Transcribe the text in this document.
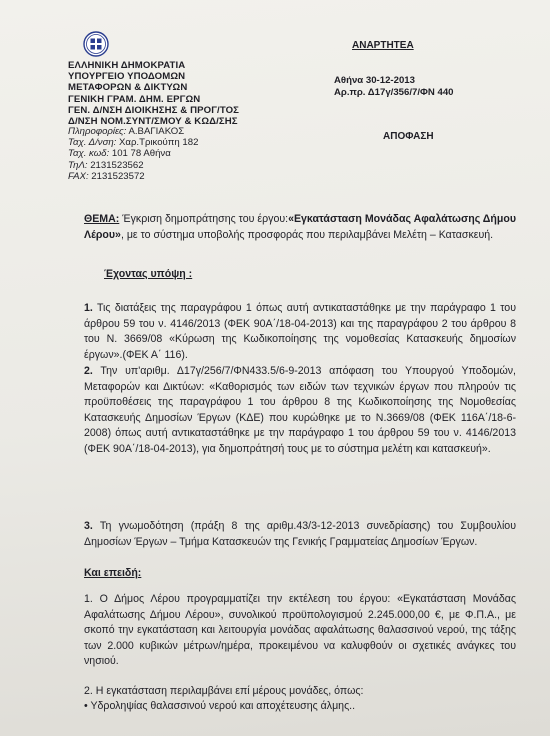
ΕΛΛΗΝΙΚΗ ΔΗΜΟΚΡΑΤΙΑ
ΥΠΟΥΡΓΕΙΟ ΥΠΟΔΟΜΩΝ
ΜΕΤΑΦΟΡΩΝ & ΔΙΚΤΥΩΝ
ΓΕΝΙΚΗ ΓΡΑΜ. ΔΗΜ. ΕΡΓΩΝ
ΓΕΝ. Δ/ΝΣΗ ΔΙΟΙΚΗΣΗΣ & ΠΡΟΓ/ΤΟΣ
Δ/ΝΣΗ ΝΟΜ.ΣΥΝΤ/ΣΜΟΥ & ΚΩΔ/ΣΗΣ
Πληροφορίες: Α.ΒΑΓΙΑΚΟΣ
Ταχ. Δ/νση: Χαρ.Τρικούπη 182
Ταχ. κωδ: 101 78 Αθήνα
ΤηΛ: 2131523562
FAX: 2131523572
ΑΝΑΡΤΗΤΕΑ
Αθήνα 30-12-2013
Αρ.πρ. Δ17γ/356/7/ΦΝ 440
ΑΠΟΦΑΣΗ
ΘΕΜΑ: Έγκριση δημοπράτησης του έργου:«Εγκατάσταση Μονάδας Αφαλάτωσης Δήμου Λέρου», με το σύστημα υποβολής προσφοράς που περιλαμβάνει Μελέτη – Κατασκευή.
Έχοντας υπόψη :
1. Τις διατάξεις της παραγράφου 1 όπως αυτή αντικαταστάθηκε με την παράγραφο 1 του άρθρου 59 του ν. 4146/2013 (ΦΕΚ 90Α΄/18-04-2013) και της παραγράφου 2 του άρθρου 8 του Ν. 3669/08 «Κύρωση της Κωδικοποίησης της νομοθεσίας Κατασκευής δημοσίων έργων».(ΦΕΚ Α΄ 116).
2. Την υπ'αριθμ. Δ17γ/256/7/ΦΝ433.5/6-9-2013 απόφαση του Υπουργού Υποδομών, Μεταφορών και Δικτύων: «Καθορισμός των ειδών των τεχνικών έργων που πληρούν τις προϋποθέσεις της παραγράφου 1 του άρθρου 8 της Κωδικοποίησης της Νομοθεσίας Κατασκευής Δημοσίων Έργων (ΚΔΕ) που κυρώθηκε με το Ν.3669/08 (ΦΕΚ 116Α΄/18-6-2008) όπως αυτή αντικαταστάθηκε με την παράγραφο 1 του άρθρου 59 του ν. 4146/2013 (ΦΕΚ 90Α΄/18-04-2013), για δημοπράτησή τους με το σύστημα μελέτη και κατασκευή».
3. Τη γνωμοδότηση (πράξη 8 της αριθμ.43/3-12-2013 συνεδρίασης) του Συμβουλίου Δημοσίων Έργων – Τμήμα Κατασκευών της Γενικής Γραμματείας Δημοσίων Έργων.
Και επειδή:
1. Ο Δήμος Λέρου προγραμματίζει την εκτέλεση του έργου: «Εγκατάσταση Μονάδας Αφαλάτωσης Δήμου Λέρου», συνολικού προϋπολογισμού 2.245.000,00 €, με Φ.Π.Α., με σκοπό την εγκατάσταση και λειτουργία μονάδας αφαλάτωσης θαλασσινού νερού, της τάξης των 2.000 κυβικών μέτρων/ημέρα, προκειμένου να καλυφθούν οι σχετικές ανάγκες του νησιού.
2. Η εγκατάσταση περιλαμβάνει επί μέρους μονάδες, όπως:
• Υδροληψίας θαλασσινού νερού και αποχέτευσης άλμης..
